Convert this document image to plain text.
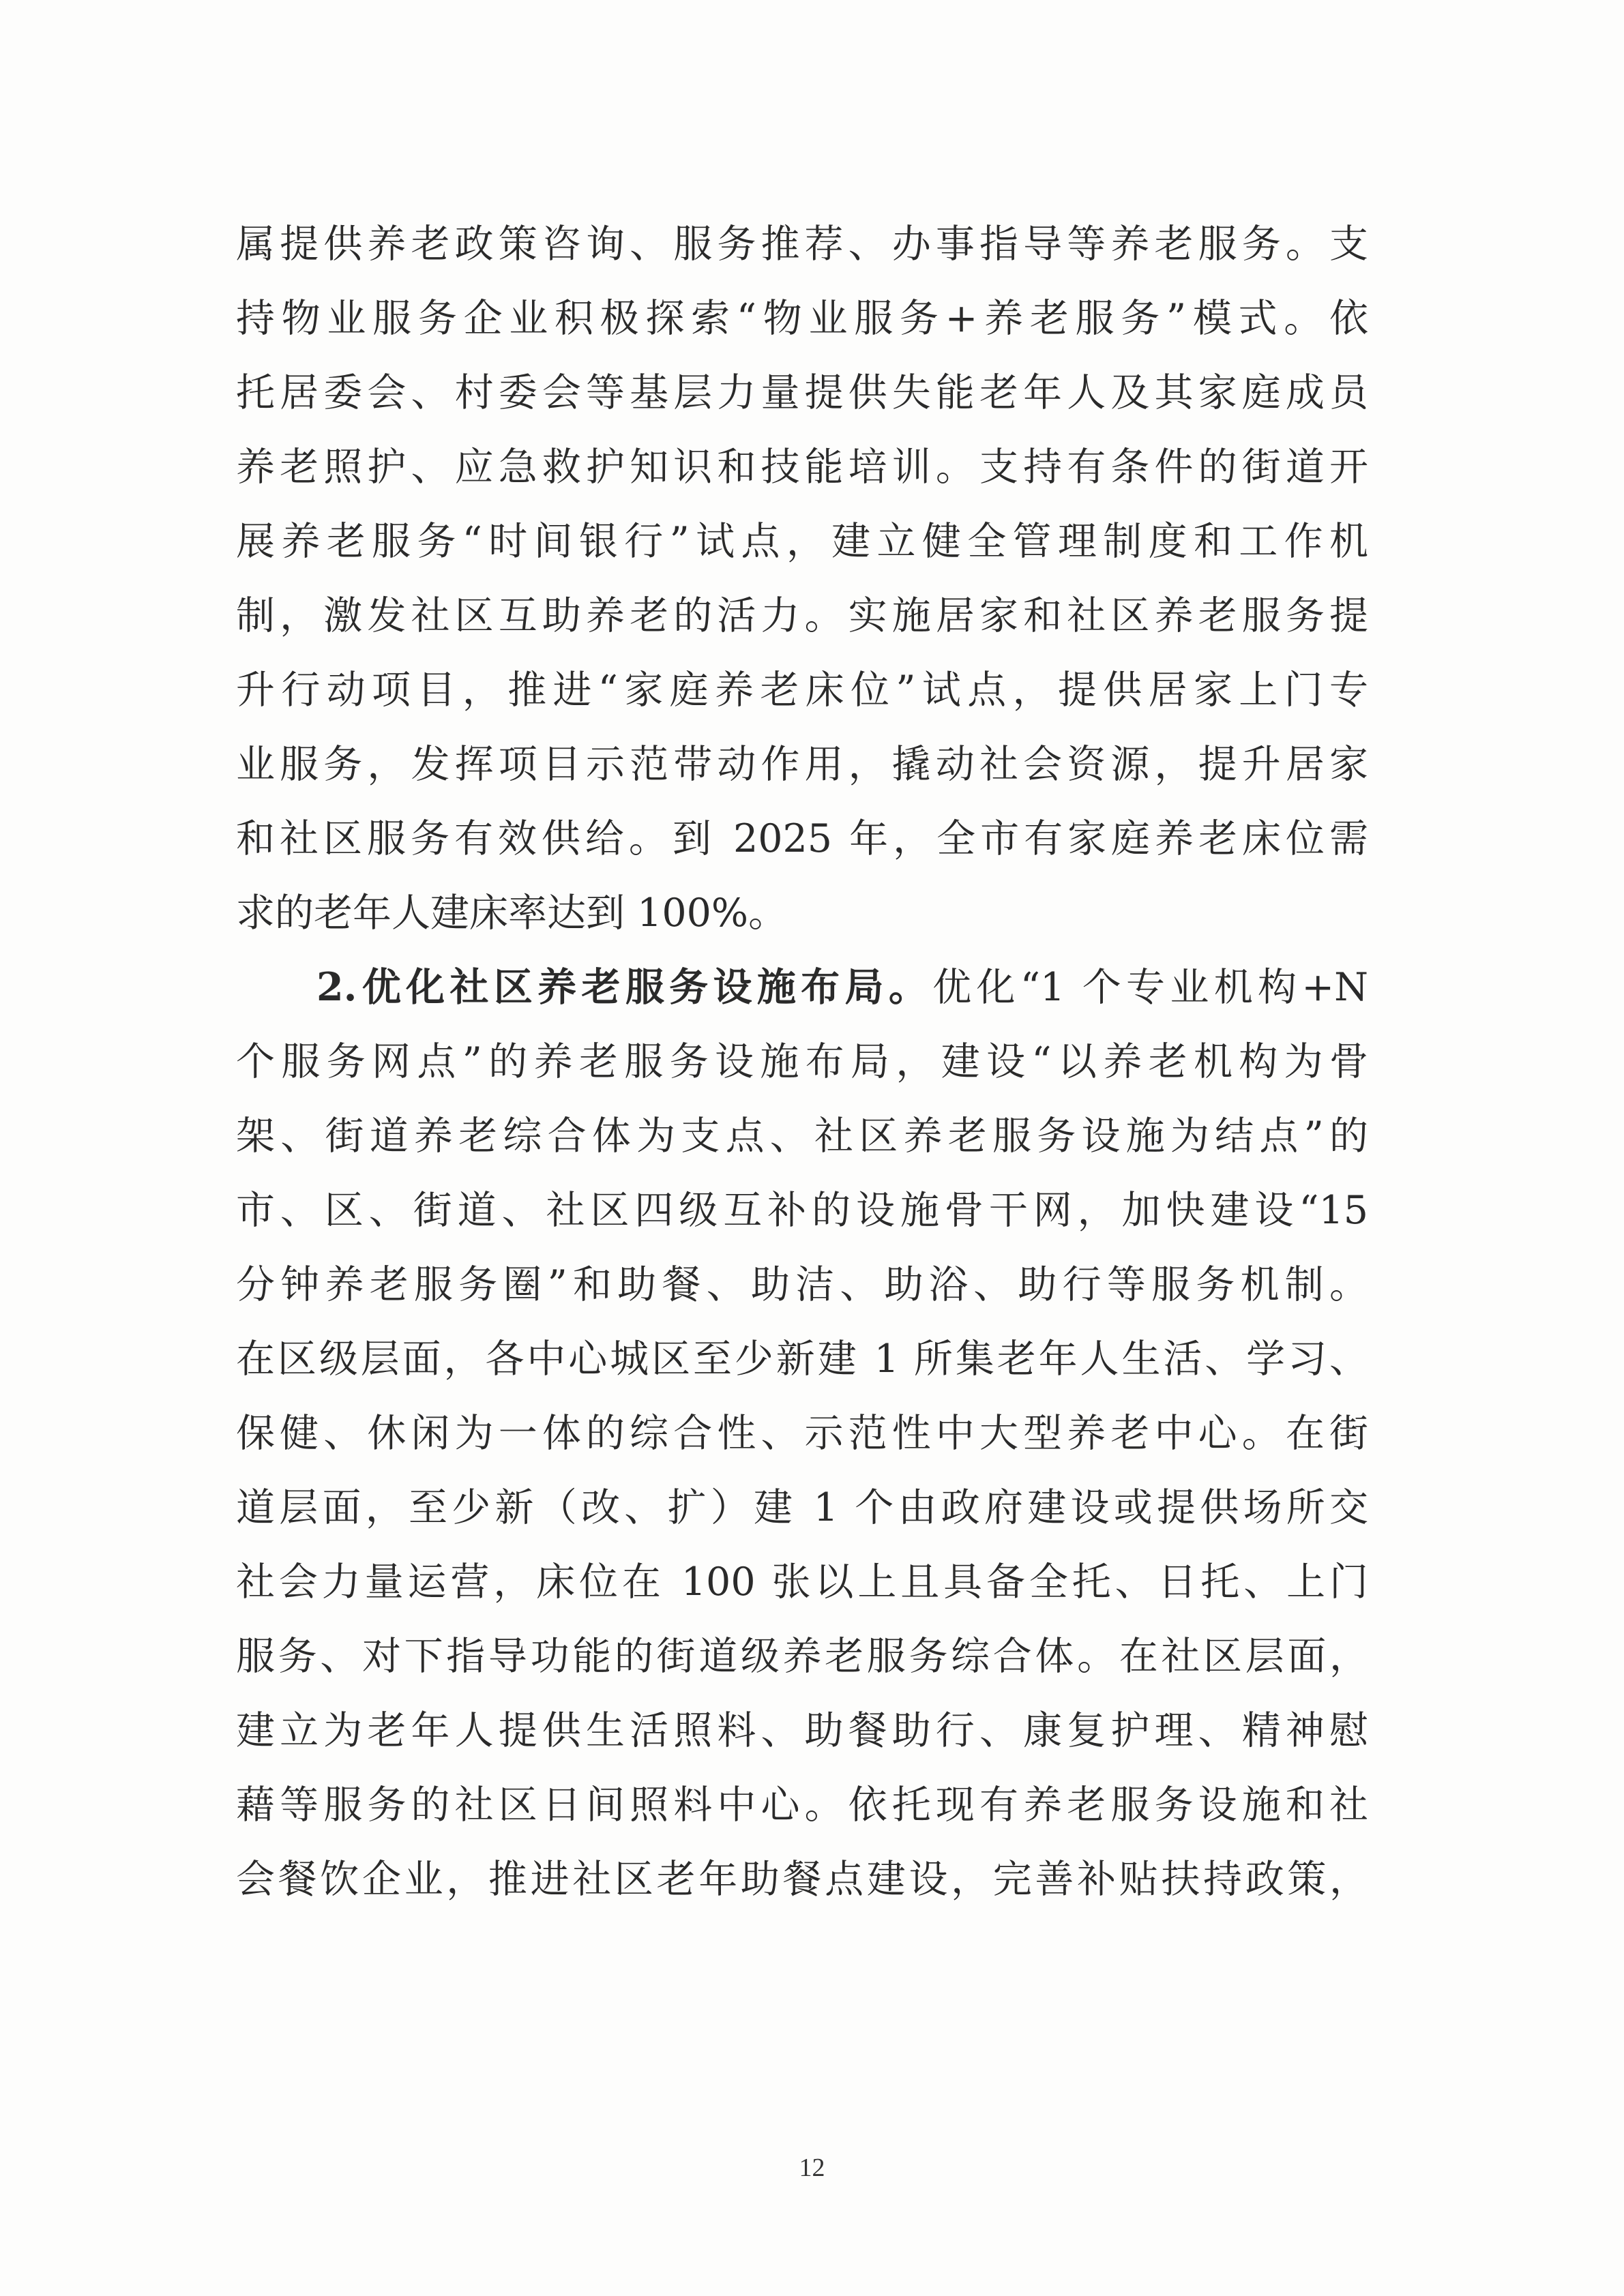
属提供养老政策咨询、服务推荐、办事指导等养老服务。支
持物业服务企业积极探索“物业服务+养老服务”模式。依
托居委会、村委会等基层力量提供失能老年人及其家庭成员
养老照护、应急救护知识和技能培训。支持有条件的街道开
展养老服务“时间银行”试点，建立健全管理制度和工作机
制，激发社区互助养老的活力。实施居家和社区养老服务提
升行动项目，推进“家庭养老床位”试点，提供居家上门专
业服务，发挥项目示范带动作用，撬动社会资源，提升居家
和社区服务有效供给。到 2025 年，全市有家庭养老床位需
求的老年人建床率达到 100%。
2.优化社区养老服务设施布局。优化“1 个专业机构+N
个服务网点”的养老服务设施布局，建设“以养老机构为骨
架、街道养老综合体为支点、社区养老服务设施为结点”的
市、区、街道、社区四级互补的设施骨干网，加快建设“15
分钟养老服务圈”和助餐、助洁、助浴、助行等服务机制。
在区级层面，各中心城区至少新建 1 所集老年人生活、学习、
保健、休闲为一体的综合性、示范性中大型养老中心。在街
道层面，至少新（改、扩）建 1 个由政府建设或提供场所交
社会力量运营，床位在 100 张以上且具备全托、日托、上门
服务、对下指导功能的街道级养老服务综合体。在社区层面，
建立为老年人提供生活照料、助餐助行、康复护理、精神慰
藉等服务的社区日间照料中心。依托现有养老服务设施和社
会餐饮企业，推进社区老年助餐点建设，完善补贴扶持政策，
12
